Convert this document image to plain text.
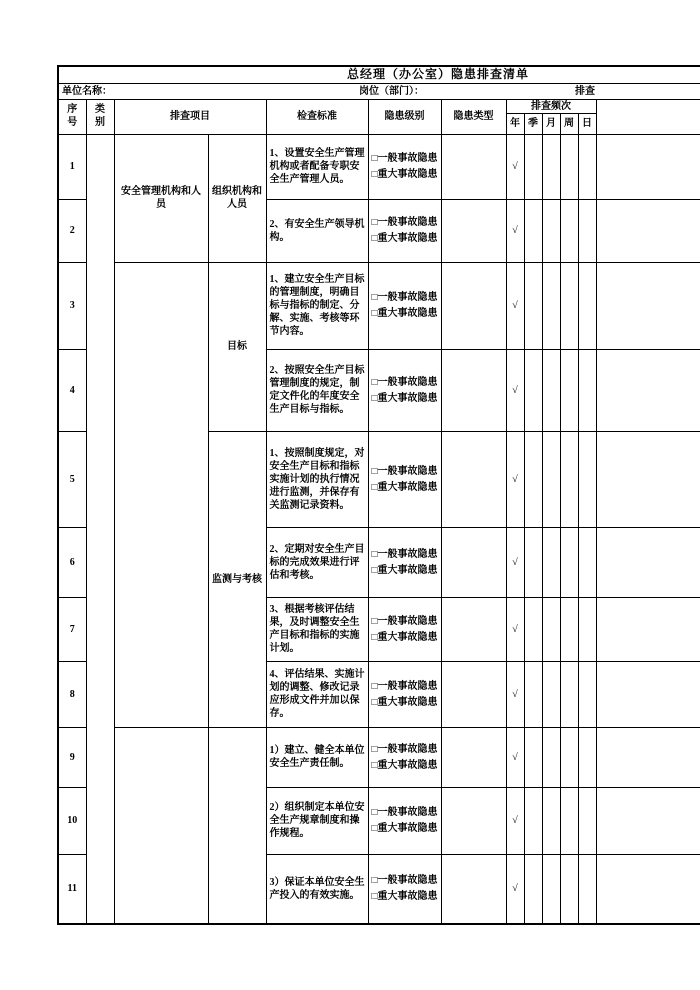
总经理（办公室）隐患排查清单												

单位名称： 岗位（部门）： 排查												

序号	类别	排查项目		检查标准	隐患级别	隐患类型	排查频次					
							年	季	月	周	日	
1		安全管理机构和人员	组织机构和人员	1、设置安全生产管理机构或者配备专职安全生产管理人员。	□一般事故隐患
□重大事故隐患		√					
2				2、有安全生产领导机构。	□一般事故隐患
□重大事故隐患		√					
3			目标	1、建立安全生产目标的管理制度，明确目标与指标的制定、分解、实施、考核等环节内容。	□一般事故隐患
□重大事故隐患		√					
4				2、按照安全生产目标管理制度的规定，制定文件化的年度安全生产目标与指标。	□一般事故隐患
□重大事故隐患		√					
5			监测与考核	1、按照制度规定，对安全生产目标和指标实施计划的执行情况进行监测，并保存有关监测记录资料。	□一般事故隐患
□重大事故隐患		√					
6				2、定期对安全生产目标的完成效果进行评估和考核。	□一般事故隐患
□重大事故隐患		√					
7				3、根据考核评估结果，及时调整安全生产目标和指标的实施计划。	□一般事故隐患
□重大事故隐患		√					
8				4、评估结果、实施计划的调整、修改记录应形成文件并加以保存。	□一般事故隐患
□重大事故隐患		√					
9				1）建立、健全本单位安全生产责任制。	□一般事故隐患
□重大事故隐患		√					
10				2）组织制定本单位安全生产规章制度和操作规程。	□一般事故隐患
□重大事故隐患		√					
11				3）保证本单位安全生产投入的有效实施。	□一般事故隐患
□重大事故隐患		√					
